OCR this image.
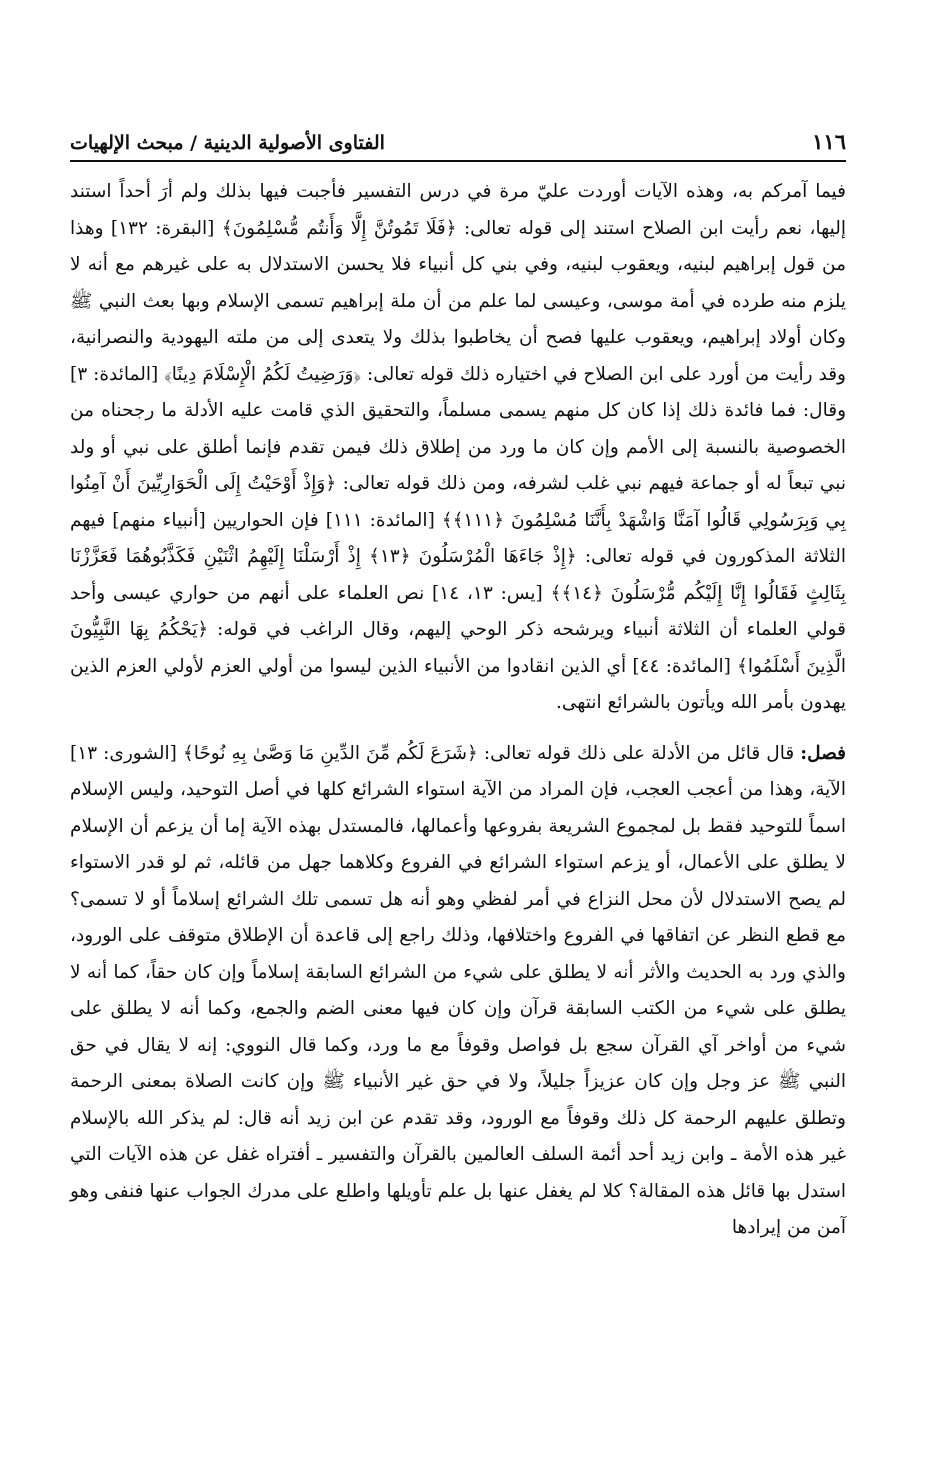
١١٦
الفتاوى الأصولية الدينية / مبحث الإلهيات

فيما آمركم به، وهذه الآيات أوردت عليّ مرة في درس التفسير فأجبت فيها بذلك ولم أرَ أحداً استند إليها، نعم رأيت ابن الصلاح استند إلى قوله تعالى: ﴿فَلَا تَمُوتُنَّ إِلَّا وَأَنتُم مُّسْلِمُونَ﴾ [البقرة: ١٣٢] وهذا من قول إبراهيم لبنيه، ويعقوب لبنيه، وفي بني كل أنبياء فلا يحسن الاستدلال به على غيرهم مع أنه لا يلزم منه طرده في أمة موسى، وعيسى لما علم من أن ملة إبراهيم تسمى الإسلام وبها بعث النبي ﷺ وكان أولاد إبراهيم، ويعقوب عليها فصح أن يخاطبوا بذلك ولا يتعدى إلى من ملته اليهودية والنصرانية، وقد رأيت من أورد على ابن الصلاح في اختياره ذلك قوله تعالى: ﴿وَرَضِيتُ لَكُمُ الْإِسْلَامَ دِينًا﴾ [المائدة: ٣] وقال: فما فائدة ذلك إذا كان كل منهم يسمى مسلماً، والتحقيق الذي قامت عليه الأدلة ما رجحناه من الخصوصية بالنسبة إلى الأمم وإن كان ما ورد من إطلاق ذلك فيمن تقدم فإنما أطلق على نبي أو ولد نبي تبعاً له أو جماعة فيهم نبي غلب لشرفه، ومن ذلك قوله تعالى: ﴿وَإِذْ أَوْحَيْتُ إِلَى الْحَوَارِيِّينَ أَنْ آمِنُوا بِي وَبِرَسُولِي قَالُوا آمَنَّا وَاشْهَدْ بِأَنَّنَا مُسْلِمُونَ ﴿١١١﴾﴾ [المائدة: ١١١] فإن الحواريين [أنبياء منهم] فيهم الثلاثة المذكورون في قوله تعالى: ﴿إِذْ جَاءَهَا الْمُرْسَلُونَ ﴿١٣﴾ إِذْ أَرْسَلْنَا إِلَيْهِمُ اثْنَيْنِ فَكَذَّبُوهُمَا فَعَزَّزْنَا بِثَالِثٍ فَقَالُوا إِنَّا إِلَيْكُم مُّرْسَلُونَ ﴿١٤﴾﴾ [يس: ١٣، ١٤] نص العلماء على أنهم من حواري عيسى وأحد قولي العلماء أن الثلاثة أنبياء ويرشحه ذكر الوحي إليهم، وقال الراغب في قوله: ﴿يَحْكُمُ بِهَا النَّبِيُّونَ الَّذِينَ أَسْلَمُوا﴾ [المائدة: ٤٤] أي الذين انقادوا من الأنبياء الذين ليسوا من أولي العزم لأولي العزم الذين يهدون بأمر الله ويأتون بالشرائع انتهى.

فصل: قال قائل من الأدلة على ذلك قوله تعالى: ﴿شَرَعَ لَكُم مِّنَ الدِّينِ مَا وَصَّىٰ بِهِ نُوحًا﴾ [الشورى: ١٣] الآية، وهذا من أعجب العجب، فإن المراد من الآية استواء الشرائع كلها في أصل التوحيد، وليس الإسلام اسماً للتوحيد فقط بل لمجموع الشريعة بفروعها وأعمالها، فالمستدل بهذه الآية إما أن يزعم أن الإسلام لا يطلق على الأعمال، أو يزعم استواء الشرائع في الفروع وكلاهما جهل من قائله، ثم لو قدر الاستواء لم يصح الاستدلال لأن محل النزاع في أمر لفظي وهو أنه هل تسمى تلك الشرائع إسلاماً أو لا تسمى؟ مع قطع النظر عن اتفاقها في الفروع واختلافها، وذلك راجع إلى قاعدة أن الإطلاق متوقف على الورود، والذي ورد به الحديث والأثر أنه لا يطلق على شيء من الشرائع السابقة إسلاماً وإن كان حقاً، كما أنه لا يطلق على شيء من الكتب السابقة قرآن وإن كان فيها معنى الضم والجمع، وكما أنه لا يطلق على شيء من أواخر آي القرآن سجع بل فواصل وقوفاً مع ما ورد، وكما قال النووي: إنه لا يقال في حق النبي ﷺ عز وجل وإن كان عزيزاً جليلاً، ولا في حق غير الأنبياء ﷺ وإن كانت الصلاة بمعنى الرحمة وتطلق عليهم الرحمة كل ذلك وقوفاً مع الورود، وقد تقدم عن ابن زيد أنه قال: لم يذكر الله بالإسلام غير هذه الأمة ـ وابن زيد أحد أئمة السلف العالمين بالقرآن والتفسير ـ أفتراه غفل عن هذه الآيات التي استدل بها قائل هذه المقالة؟ كلا لم يغفل عنها بل علم تأويلها واطلع على مدرك الجواب عنها فنفى وهو آمن من إيرادها
